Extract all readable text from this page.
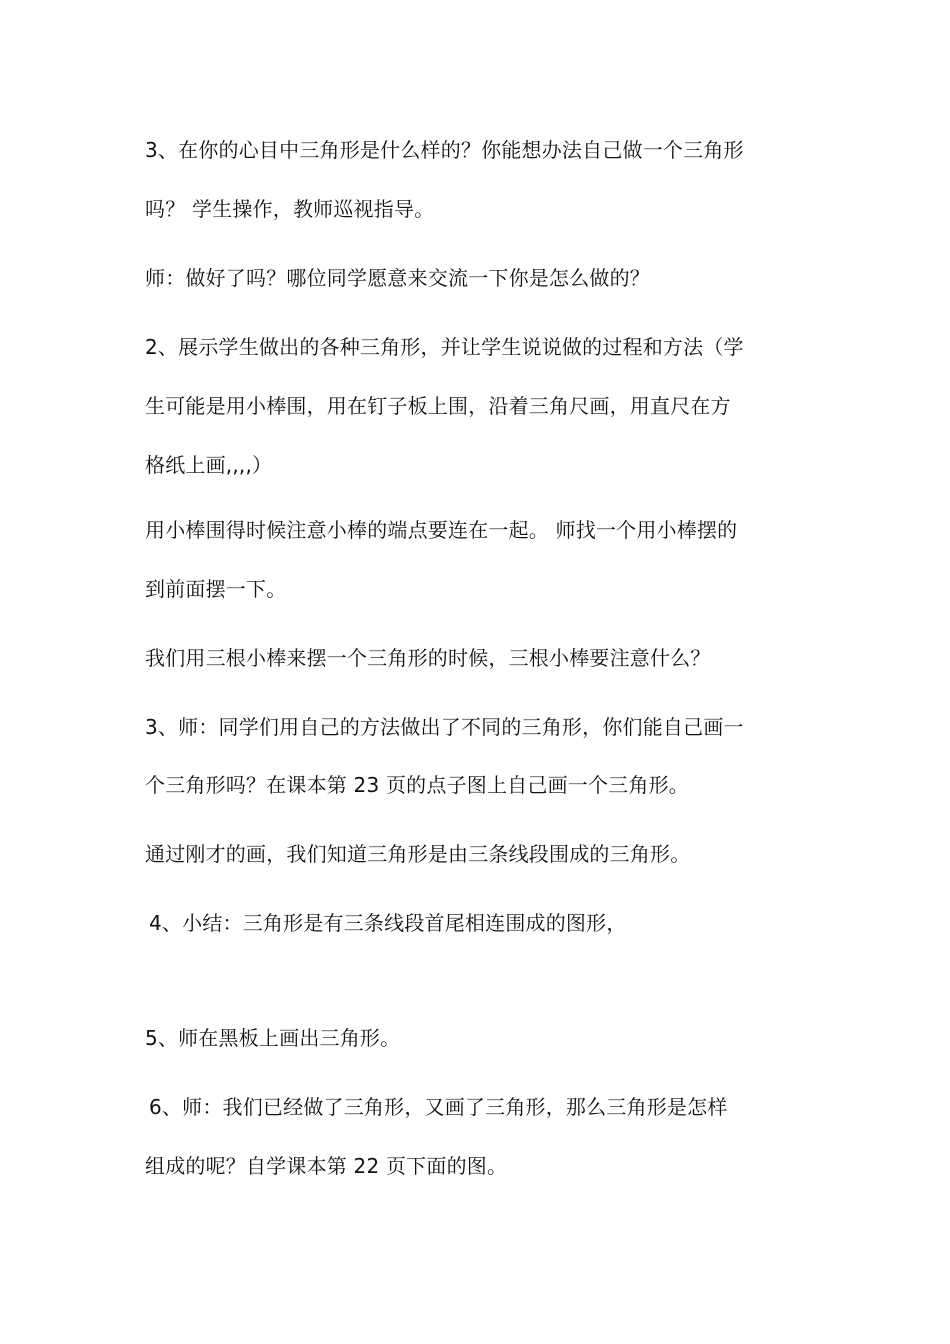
3、在你的心目中三角形是什么样的？你能想办法自己做一个三角形
吗？ 学生操作，教师巡视指导。
师：做好了吗？哪位同学愿意来交流一下你是怎么做的？
2、展示学生做出的各种三角形，并让学生说说做的过程和方法（学
生可能是用小棒围，用在钉子板上围，沿着三角尺画，用直尺在方
格纸上画,,,,）
用小棒围得时候注意小棒的端点要连在一起。 师找一个用小棒摆的
到前面摆一下。
我们用三根小棒来摆一个三角形的时候，三根小棒要注意什么？
3、师：同学们用自己的方法做出了不同的三角形，你们能自己画一
个三角形吗？在课本第 23 页的点子图上自己画一个三角形。
通过刚才的画，我们知道三角形是由三条线段围成的三角形。
4、小结：三角形是有三条线段首尾相连围成的图形，
5、师在黑板上画出三角形。
6、师：我们已经做了三角形，又画了三角形，那么三角形是怎样
组成的呢？自学课本第 22 页下面的图。
